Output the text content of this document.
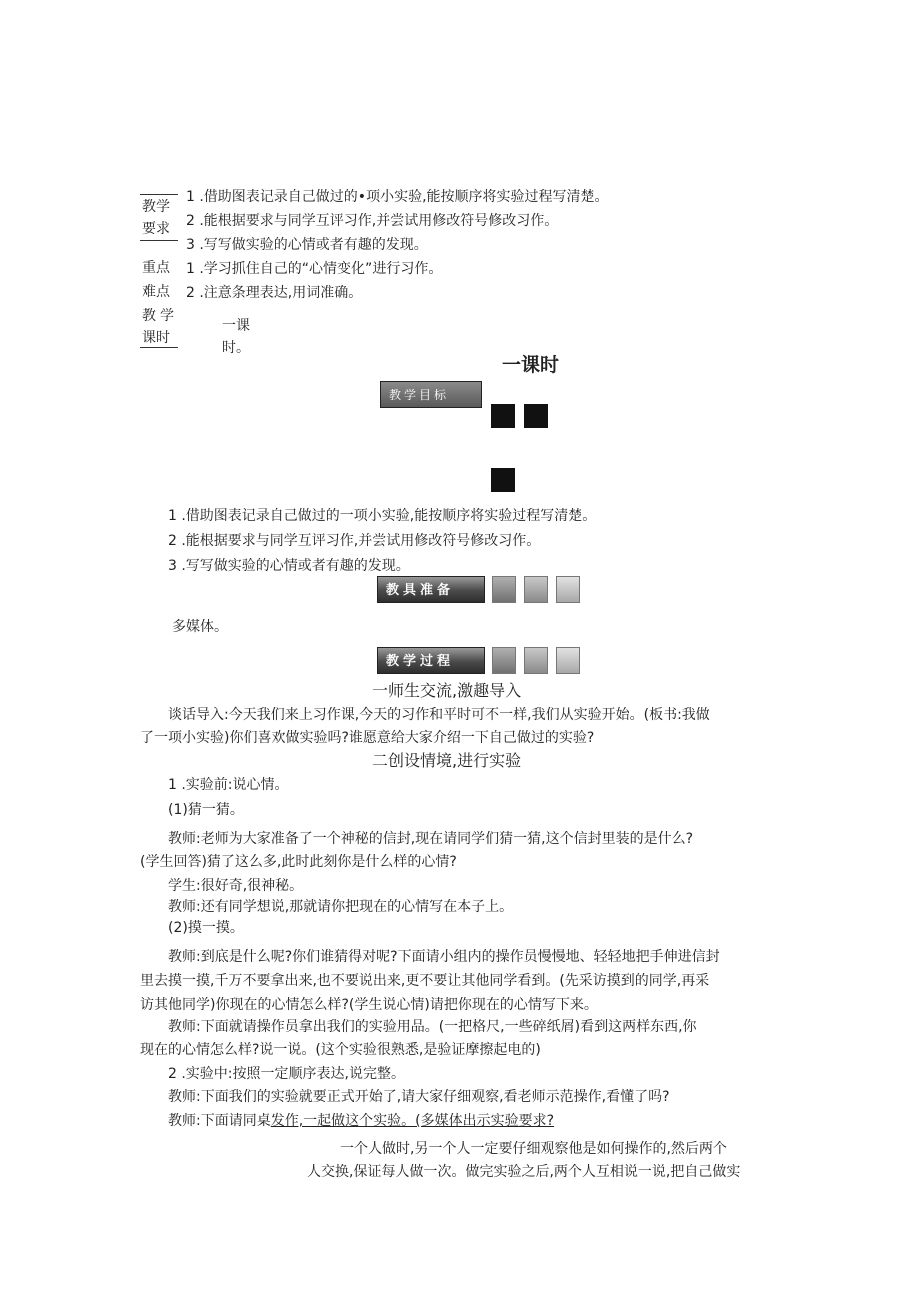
教学
要求
1 .借助图表记录自己做过的•项小实验,能按顺序将实验过程写清楚。
2 .能根据要求与同学互评习作,并尝试用修改符号修改习作。
3 .写写做实验的心情或者有趣的发现。
重点
难点
1 .学习抓住自己的“心情变化”进行习作。
2 .注意条理表达,用词准确。
教学
课时
一课
时。
一课时
教学目标
1 .借助图表记录自己做过的一项小实验,能按顺序将实验过程写清楚。
2 .能根据要求与同学互评习作,并尝试用修改符号修改习作。
3 .写写做实验的心情或者有趣的发现。
教具准备
多媒体。
教学过程
一师生交流,激趣导入
谈话导入:今天我们来上习作课,今天的习作和平时可不一样,我们从实验开始。(板书:我做
了一项小实验)你们喜欢做实验吗?谁愿意给大家介绍一下自己做过的实验?
二创设情境,进行实验
1 .实验前:说心情。
(1)猜一猜。
教师:老师为大家准备了一个神秘的信封,现在请同学们猜一猜,这个信封里装的是什么?
(学生回答)猜了这么多,此时此刻你是什么样的心情?
学生:很好奇,很神秘。
教师:还有同学想说,那就请你把现在的心情写在本子上。
(2)摸一摸。
教师:到底是什么呢?你们谁猜得对呢?下面请小组内的操作员慢慢地、轻轻地把手伸进信封
里去摸一摸,千万不要拿出来,也不要说出来,更不要让其他同学看到。(先采访摸到的同学,再采
访其他同学)你现在的心情怎么样?(学生说心情)请把你现在的心情写下来。
教师:下面就请操作员拿出我们的实验用品。(一把格尺,一些碎纸屑)看到这两样东西,你
现在的心情怎么样?说一说。(这个实验很熟悉,是验证摩擦起电的)
2 .实验中:按照一定顺序表达,说完整。
教师:下面我们的实验就要正式开始了,请大家仔细观察,看老师示范操作,看懂了吗?
教师:下面请同桌发作,一起做这个实验。(多媒体出示实验要求?
一个人做时,另一个人一定要仔细观察他是如何操作的,然后两个
人交换,保证每人做一次。做完实验之后,两个人互相说一说,把自己做实
